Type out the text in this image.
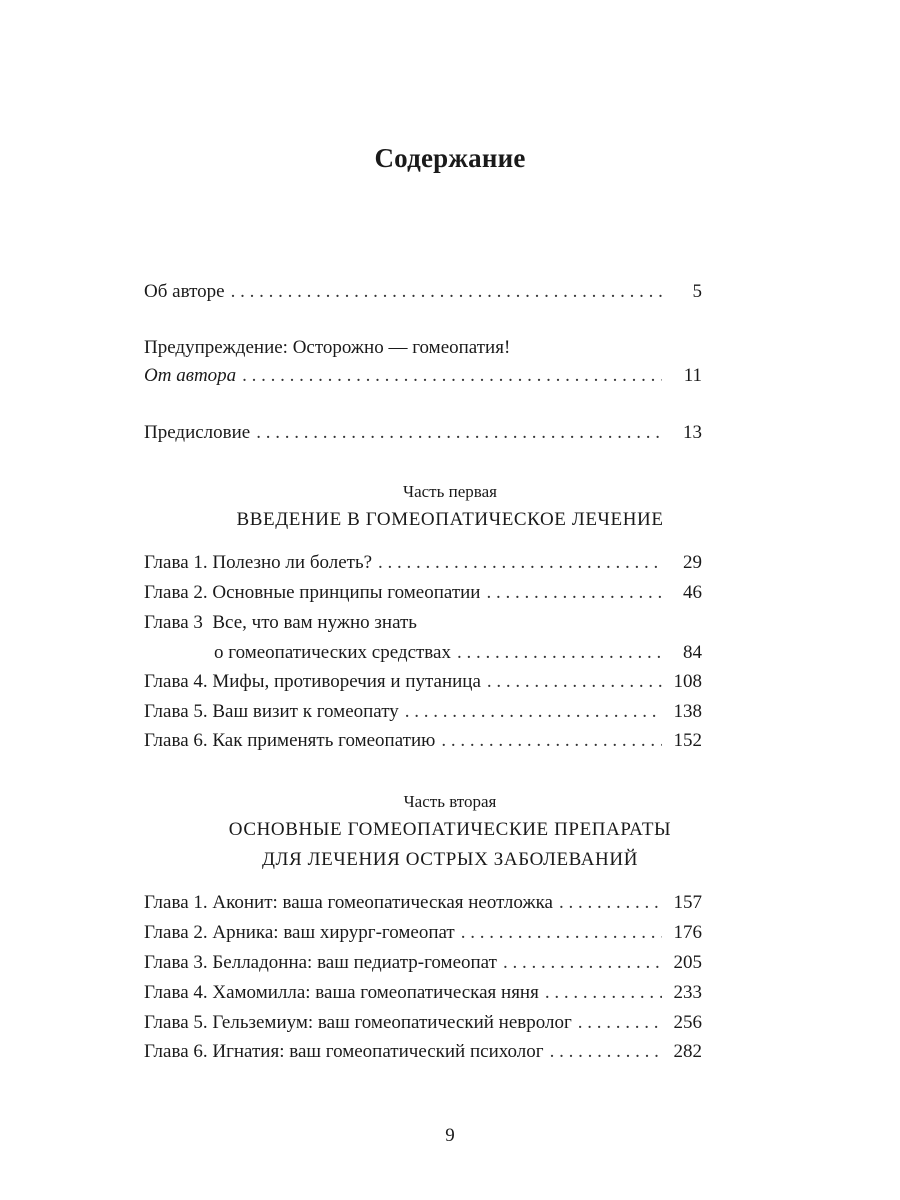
Содержание
Об авторе . . .	5
Предупреждение: Осторожно — гомеопатия!
От автора . . .	11
Предисловие . . .	13
Глава 1. Полезно ли болеть? . . .	29
Глава 2. Основные принципы гомеопатии . . .	46
Глава 3  Все, что вам нужно знать
о гомеопатических средствах . . .	84
Глава 4. Мифы, противоречия и путаница . . .	108
Глава 5. Ваш визит к гомеопату . . .	138
Глава 6. Как применять гомеопатию . . .	152
Глава 1. Аконит: ваша гомеопатическая неотложка . . .	157
Глава 2. Арника: ваш хирург-гомеопат . . .	176
Глава 3. Белладонна: ваш педиатр-гомеопат . . .	205
Глава 4. Хамомилла: ваша гомеопатическая няня . . .	233
Глава 5. Гельземиум: ваш гомеопатический невролог . . .	256
Глава 6. Игнатия: ваш гомеопатический психолог . . .	282
Часть первая
ВВЕДЕНИЕ В ГОМЕОПАТИЧЕСКОЕ ЛЕЧЕНИЕ
Часть вторая
ОСНОВНЫЕ ГОМЕОПАТИЧЕСКИЕ ПРЕПАРАТЫ
ДЛЯ ЛЕЧЕНИЯ ОСТРЫХ ЗАБОЛЕВАНИЙ
9
